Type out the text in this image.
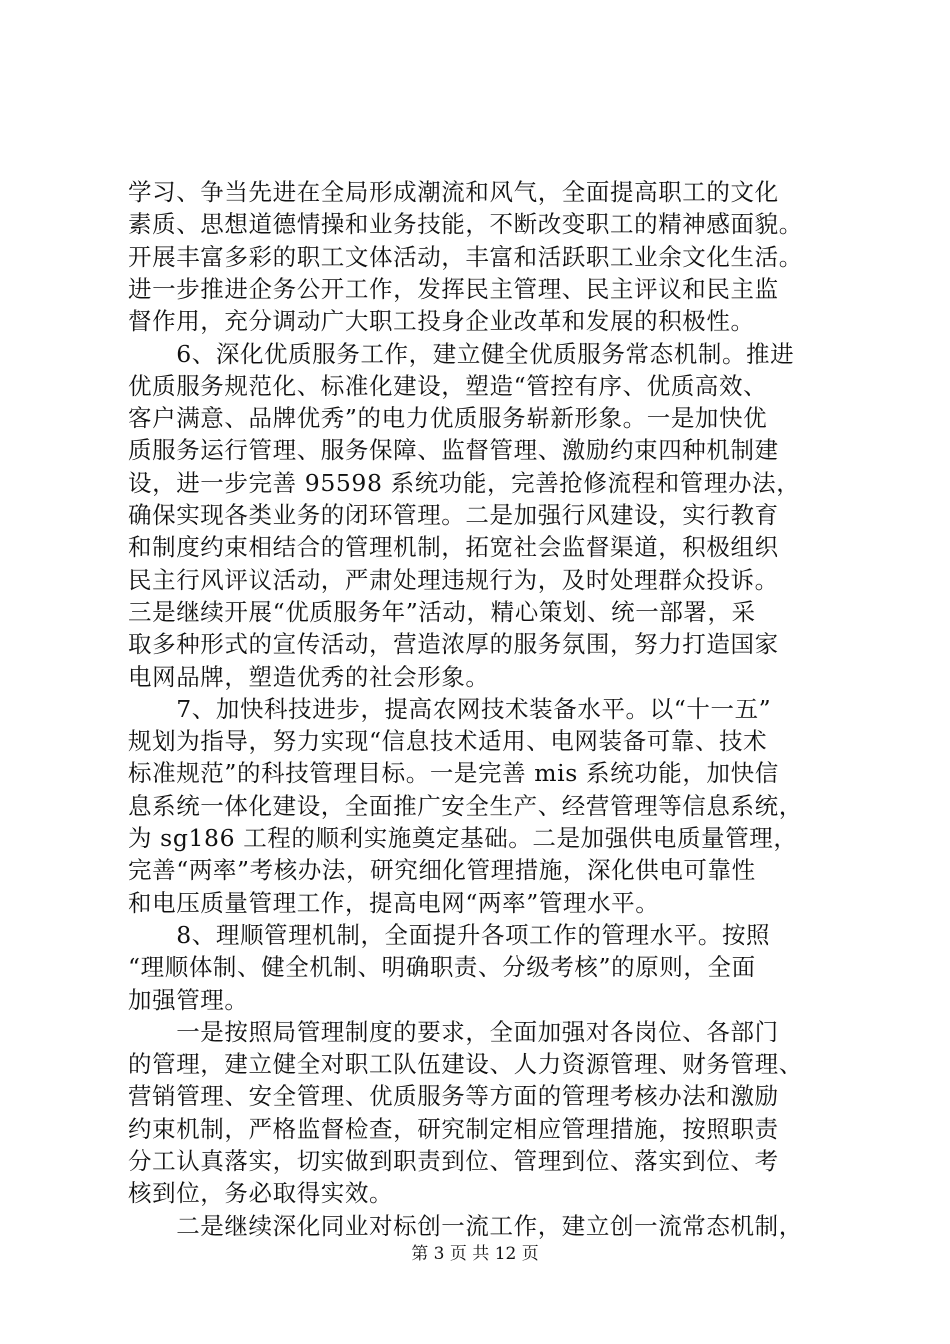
学习、争当先进在全局形成潮流和风气，全面提高职工的文化
素质、思想道德情操和业务技能，不断改变职工的精神感面貌。
开展丰富多彩的职工文体活动，丰富和活跃职工业余文化生活。
进一步推进企务公开工作，发挥民主管理、民主评议和民主监
督作用，充分调动广大职工投身企业改革和发展的积极性。
　　6、深化优质服务工作，建立健全优质服务常态机制。推进
优质服务规范化、标准化建设，塑造“管控有序、优质高效、
客户满意、品牌优秀”的电力优质服务崭新形象。一是加快优
质服务运行管理、服务保障、监督管理、激励约束四种机制建
设，进一步完善 95598 系统功能，完善抢修流程和管理办法，
确保实现各类业务的闭环管理。二是加强行风建设，实行教育
和制度约束相结合的管理机制，拓宽社会监督渠道，积极组织
民主行风评议活动，严肃处理违规行为，及时处理群众投诉。
三是继续开展“优质服务年”活动，精心策划、统一部署，采
取多种形式的宣传活动，营造浓厚的服务氛围，努力打造国家
电网品牌，塑造优秀的社会形象。
　　7、加快科技进步，提高农网技术装备水平。以“十一五”
规划为指导，努力实现“信息技术适用、电网装备可靠、技术
标准规范”的科技管理目标。一是完善 mis 系统功能，加快信
息系统一体化建设，全面推广安全生产、经营管理等信息系统，
为 sg186 工程的顺利实施奠定基础。二是加强供电质量管理，
完善“两率”考核办法，研究细化管理措施，深化供电可靠性
和电压质量管理工作，提高电网“两率”管理水平。
　　8、理顺管理机制，全面提升各项工作的管理水平。按照
“理顺体制、健全机制、明确职责、分级考核”的原则，全面
加强管理。
　　一是按照局管理制度的要求，全面加强对各岗位、各部门
的管理，建立健全对职工队伍建设、人力资源管理、财务管理、
营销管理、安全管理、优质服务等方面的管理考核办法和激励
约束机制，严格监督检查，研究制定相应管理措施，按照职责
分工认真落实，切实做到职责到位、管理到位、落实到位、考
核到位，务必取得实效。
　　二是继续深化同业对标创一流工作，建立创一流常态机制，
第 3 页 共 12 页
